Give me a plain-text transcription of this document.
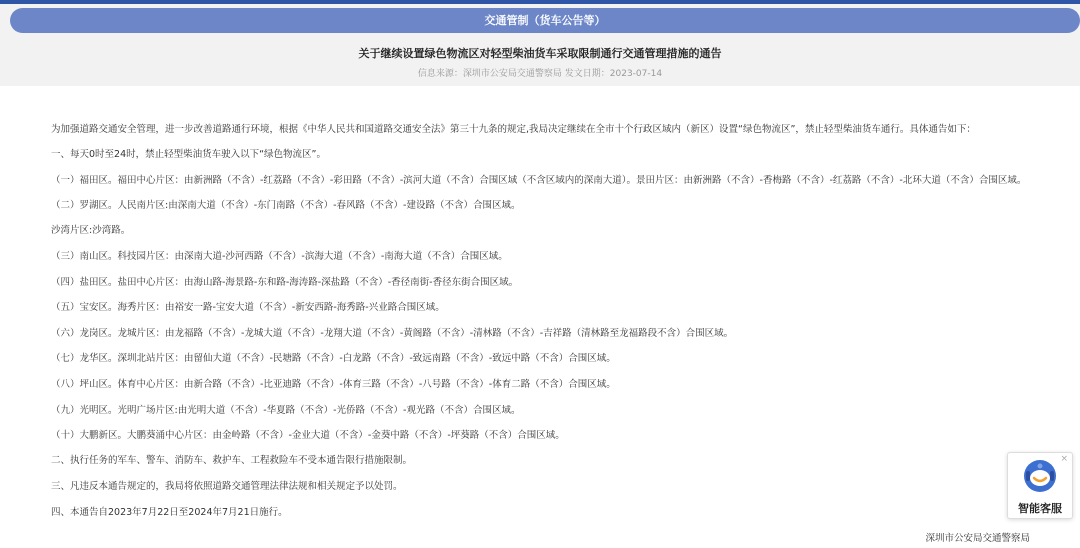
交通管制（货车公告等）
关于继续设置绿色物流区对轻型柴油货车采取限制通行交通管理措施的通告
信息来源：深圳市公安局交通警察局 发文日期：2023-07-14
为加强道路交通安全管理，进一步改善道路通行环境，根据《中华人民共和国道路交通安全法》第三十九条的规定,我局决定继续在全市十个行政区域内（新区）设置“绿色物流区”，禁止轻型柴油货车通行。具体通告如下：
一、每天0时至24时，禁止轻型柴油货车驶入以下“绿色物流区”。
（一）福田区。福田中心片区：由新洲路（不含）-红荔路（不含）-彩田路（不含）-滨河大道（不含）合围区域（不含区域内的深南大道）。景田片区：由新洲路（不含）-香梅路（不含）-红荔路（不含）-北环大道（不含）合围区域。
（二）罗湖区。人民南片区:由深南大道（不含）-东门南路（不含）-春风路（不含）-建设路（不含）合围区域。
沙湾片区:沙湾路。
（三）南山区。科技园片区：由深南大道-沙河西路（不含）-滨海大道（不含）-南海大道（不含）合围区域。
（四）盐田区。盐田中心片区：由海山路-海景路-东和路-海涛路-深盐路（不含）-香径南街-香径东街合围区域。
（五）宝安区。海秀片区：由裕安一路-宝安大道（不含）-新安西路-海秀路-兴业路合围区域。
（六）龙岗区。龙城片区：由龙福路（不含）-龙城大道（不含）-龙翔大道（不含）-黄阁路（不含）-清林路（不含）-吉祥路（清林路至龙福路段不含）合围区域。
（七）龙华区。深圳北站片区：由留仙大道（不含）-民塘路（不含）-白龙路（不含）-致远南路（不含）-致远中路（不含）合围区域。
（八）坪山区。体育中心片区：由新合路（不含）-比亚迪路（不含）-体育三路（不含）-八号路（不含）-体育二路（不含）合围区域。
（九）光明区。光明广场片区:由光明大道（不含）-华夏路（不含）-光侨路（不含）-观光路（不含）合围区域。
（十）大鹏新区。大鹏葵涌中心片区：由金岭路（不含）-金业大道（不含）-金葵中路（不含）-坪葵路（不含）合围区域。
二、执行任务的军车、警车、消防车、救护车、工程救险车不受本通告限行措施限制。
三、凡违反本通告规定的，我局将依照道路交通管理法律法规和相关规定予以处罚。
四、本通告自2023年7月22日至2024年7月21日施行。
深圳市公安局交通警察局
×
智能客服
